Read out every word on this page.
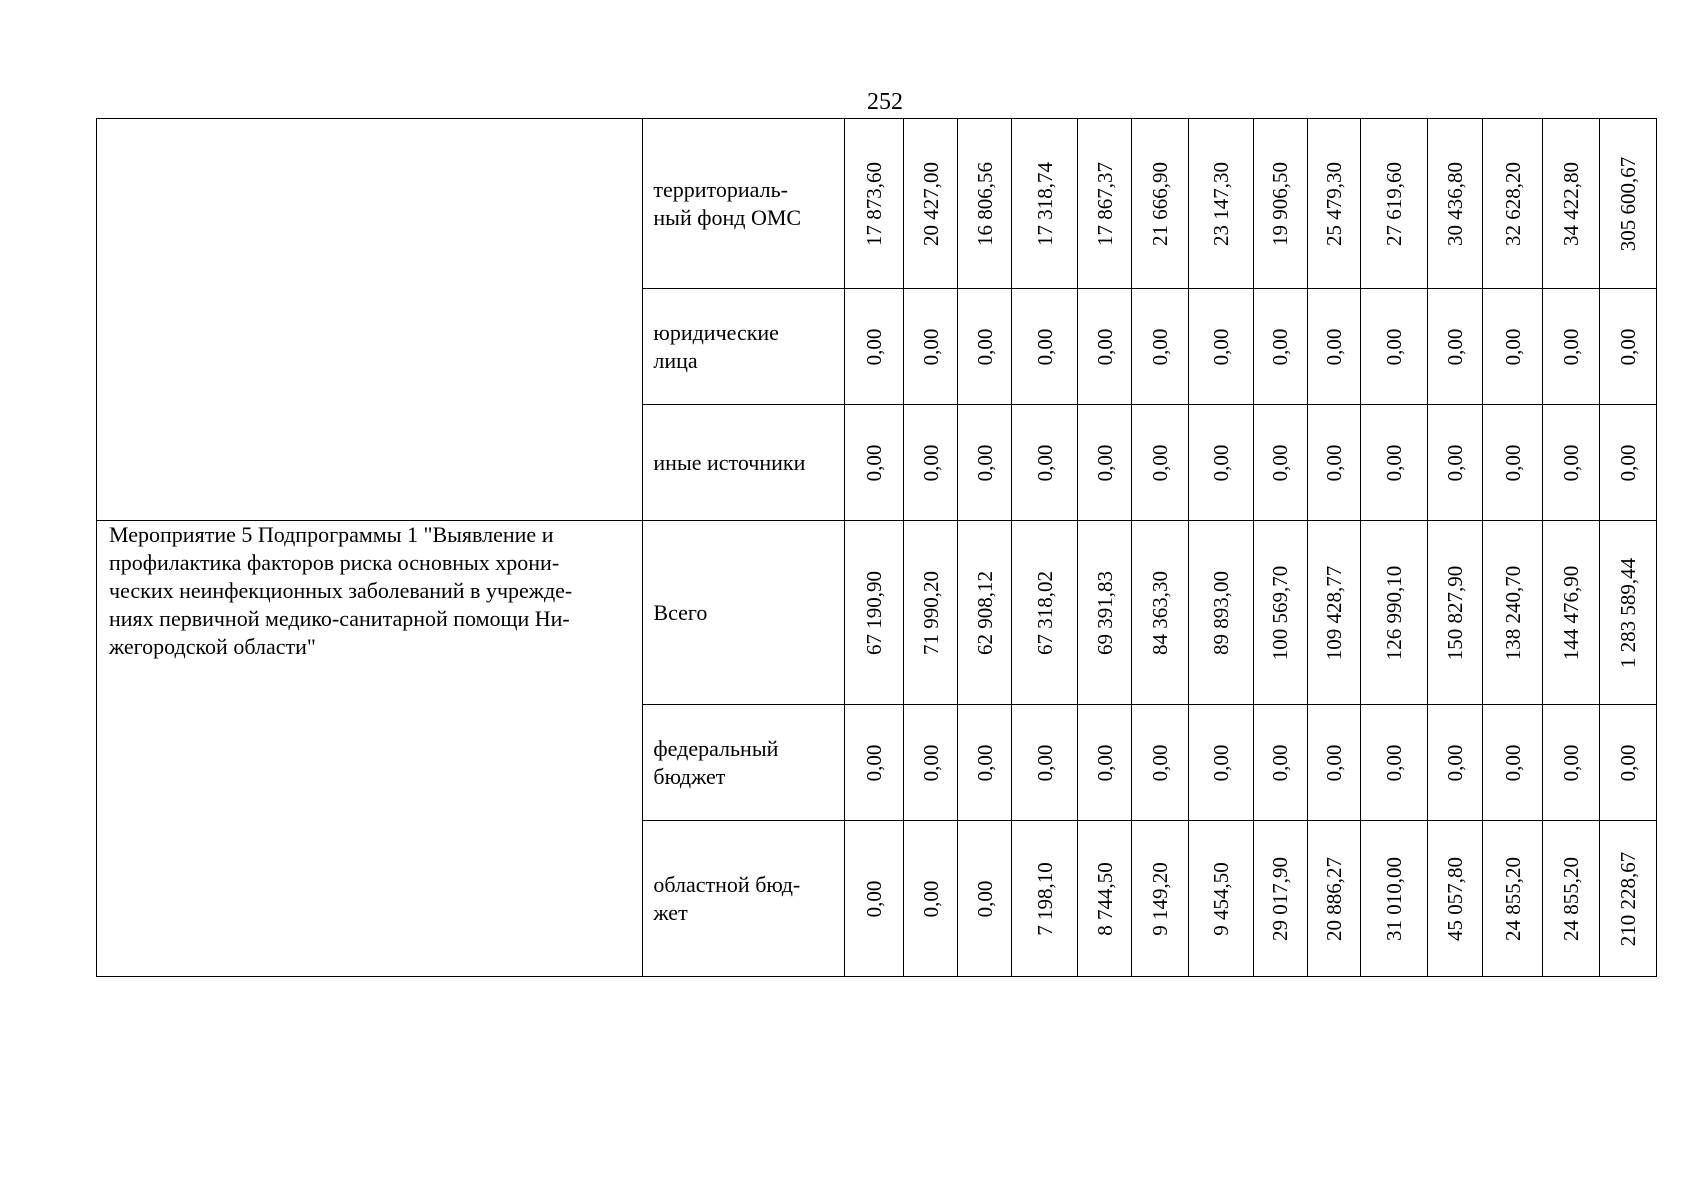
252

	территориаль-
ный фонд ОМС	17 873,60	20 427,00	16 806,56	17 318,74	17 867,37	21 666,90	23 147,30	19 906,50	25 479,30	27 619,60	30 436,80	32 628,20	34 422,80	305 600,67

	юридические
лица	0,00	0,00	0,00	0,00	0,00	0,00	0,00	0,00	0,00	0,00	0,00	0,00	0,00	0,00

	иные источники	0,00	0,00	0,00	0,00	0,00	0,00	0,00	0,00	0,00	0,00	0,00	0,00	0,00	0,00

Мероприятие 5 Подпрограммы 1 "Выявление и
профилактика факторов риска основных хрони-
ческих неинфекционных заболеваний в учрежде-
ниях первичной медико-санитарной помощи Ни-
жегородской области"	Всего	67 190,90	71 990,20	62 908,12	67 318,02	69 391,83	84 363,30	89 893,00	100 569,70	109 428,77	126 990,10	150 827,90	138 240,70	144 476,90	1 283 589,44

	федеральный
бюджет	0,00	0,00	0,00	0,00	0,00	0,00	0,00	0,00	0,00	0,00	0,00	0,00	0,00	0,00

	областной бюд-
жет	0,00	0,00	0,00	7 198,10	8 744,50	9 149,20	9 454,50	29 017,90	20 886,27	31 010,00	45 057,80	24 855,20	24 855,20	210 228,67
